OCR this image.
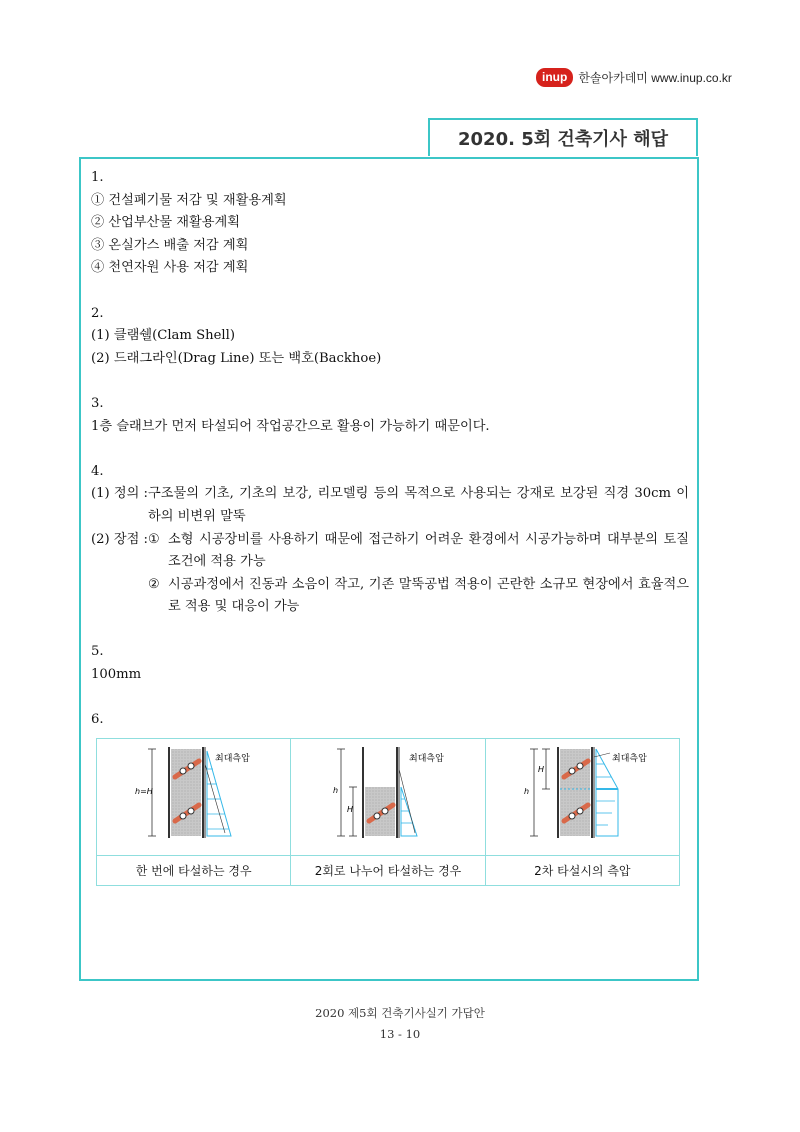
inup 한솔아카데미 www.inup.co.kr
2020. 5회 건축기사 해답

1.

① 건설폐기물 저감 및 재활용계획

② 산업부산물 재활용계획

③ 온실가스 배출 저감 계획

④ 천연자원 사용 저감 계획

2.

(1) 클램쉘(Clam Shell)

(2) 드래그라인(Drag Line) 또는 백호(Backhoe)

3.

1층 슬래브가 먼저 타설되어 작업공간으로 활용이 가능하기 때문이다.

4.

(1) 정의 : 구조물의 기초, 기초의 보강, 리모델링 등의 목적으로 사용되는 강재로 보강된 직경 30cm 이하의 비변위 말뚝
(2) 장점 : ① 소형 시공장비를 사용하기 때문에 접근하기 어려운 환경에서 시공가능하며 대부분의 토질 조건에 적용 가능
② 시공과정에서 진동과 소음이 작고, 기존 말뚝공법 적용이 곤란한 소규모 현장에서 효율적으로 적용 및 대응이 가능

5.

100mm

6.

최대측압
h=H
최대측압
h
H
최대측압
h
H
한 번에 타설하는 경우	2회로 나누어 타설하는 경우	2차 타설시의 측압
2020 제5회 건축기사실기 가답안
13 - 10
